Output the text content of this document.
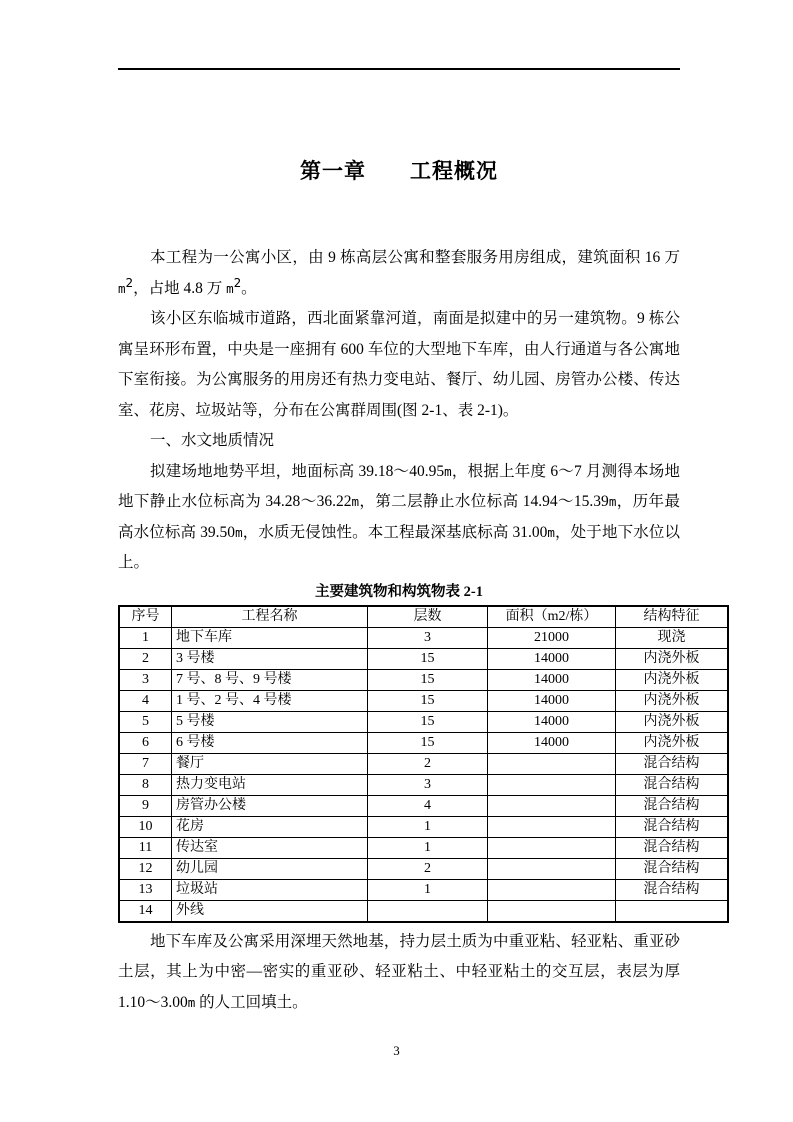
第一章 工程概况

本工程为一公寓小区，由 9 栋高层公寓和整套服务用房组成，建筑面积 16 万 $m^2$，占地 4.8 万 $m^2$。

该小区东临城市道路，西北面紧靠河道，南面是拟建中的另一建筑物。9 栋公寓呈环形布置，中央是一座拥有 600 车位的大型地下车库，由人行通道与各公寓地下室衔接。为公寓服务的用房还有热力变电站、餐厅、幼儿园、房管办公楼、传达室、花房、垃圾站等，分布在公寓群周围(图 2-1、表 2-1)。

一、水文地质情况

拟建场地地势平坦，地面标高 39.18～40.95m，根据上年度 6～7 月测得本场地地下静止水位标高为 34.28～36.22m，第二层静止水位标高 14.94～15.39m，历年最高水位标高 39.50m，水质无侵蚀性。本工程最深基底标高 31.00m，处于地下水位以上。

主要建筑物和构筑物表 2-1
序号	工程名称	层数	面积（m2/栋）	结构特征
1	地下车库	3	21000	现浇
2	3 号楼	15	14000	内浇外板
3	7 号、8 号、9 号楼	15	14000	内浇外板
4	1 号、2 号、4 号楼	15	14000	内浇外板
5	5 号楼	15	14000	内浇外板
6	6 号楼	15	14000	内浇外板
7	餐厅	2		混合结构
8	热力变电站	3		混合结构
9	房管办公楼	4		混合结构
10	花房	1		混合结构
11	传达室	1		混合结构
12	幼儿园	2		混合结构
13	垃圾站	1		混合结构
14	外线			

地下车库及公寓采用深埋天然地基，持力层土质为中重亚粘、轻亚粘、重亚砂土层，其上为中密—密实的重亚砂、轻亚粘土、中轻亚粘土的交互层，表层为厚 1.10～3.00m 的人工回填土。

3
